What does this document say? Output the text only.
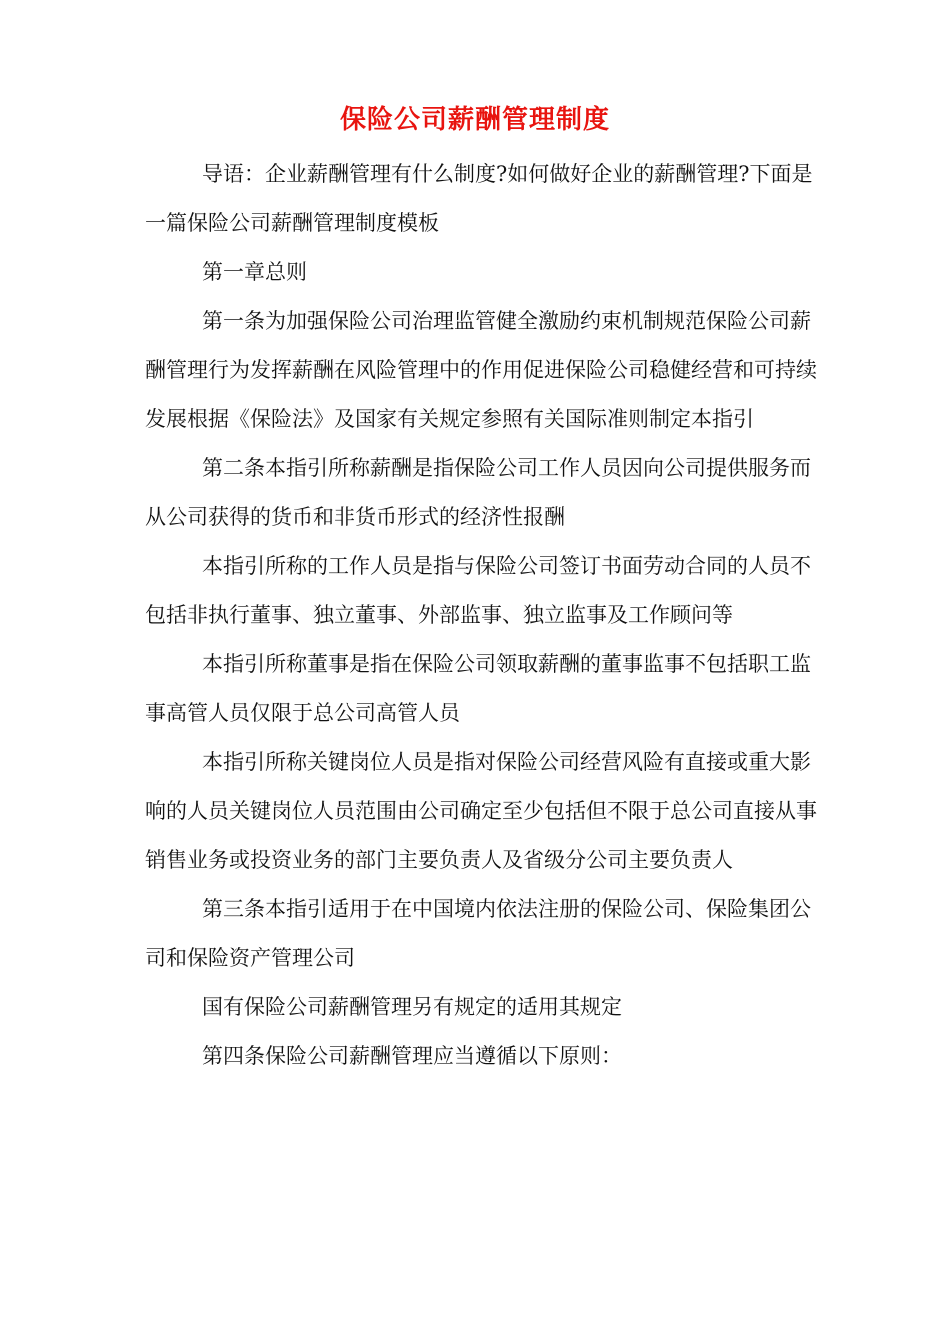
保险公司薪酬管理制度

导语：企业薪酬管理有什么制度?如何做好企业的薪酬管理?下面是一篇保险公司薪酬管理制度模板

第一章总则

第一条为加强保险公司治理监管健全激励约束机制规范保险公司薪酬管理行为发挥薪酬在风险管理中的作用促进保险公司稳健经营和可持续发展根据《保险法》及国家有关规定参照有关国际准则制定本指引

第二条本指引所称薪酬是指保险公司工作人员因向公司提供服务而从公司获得的货币和非货币形式的经济性报酬

本指引所称的工作人员是指与保险公司签订书面劳动合同的人员不包括非执行董事、独立董事、外部监事、独立监事及工作顾问等

本指引所称董事是指在保险公司领取薪酬的董事监事不包括职工监事高管人员仅限于总公司高管人员

本指引所称关键岗位人员是指对保险公司经营风险有直接或重大影响的人员关键岗位人员范围由公司确定至少包括但不限于总公司直接从事销售业务或投资业务的部门主要负责人及省级分公司主要负责人

第三条本指引适用于在中国境内依法注册的保险公司、保险集团公司和保险资产管理公司

国有保险公司薪酬管理另有规定的适用其规定

第四条保险公司薪酬管理应当遵循以下原则：
